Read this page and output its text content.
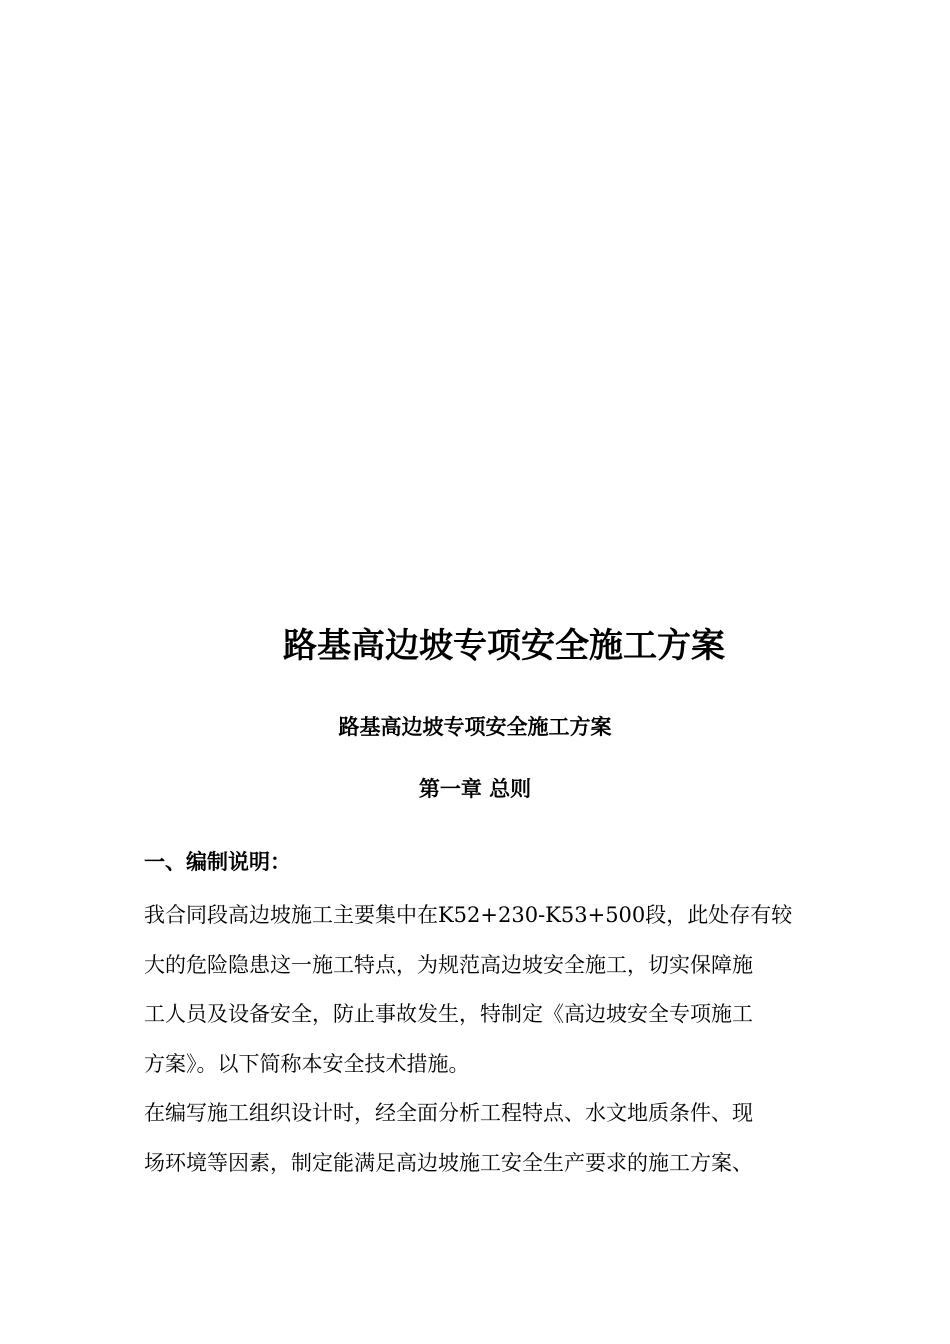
路基高边坡专项安全施工方案
路基高边坡专项安全施工方案
第一章 总则
一、编制说明：
我合同段高边坡施工主要集中在K52+230-K53+500段，此处存有较
大的危险隐患这一施工特点，为规范高边坡安全施工，切实保障施
工人员及设备安全，防止事故发生，特制定《高边坡安全专项施工
方案》。以下简称本安全技术措施。
在编写施工组织设计时，经全面分析工程特点、水文地质条件、现
场环境等因素，制定能满足高边坡施工安全生产要求的施工方案、
